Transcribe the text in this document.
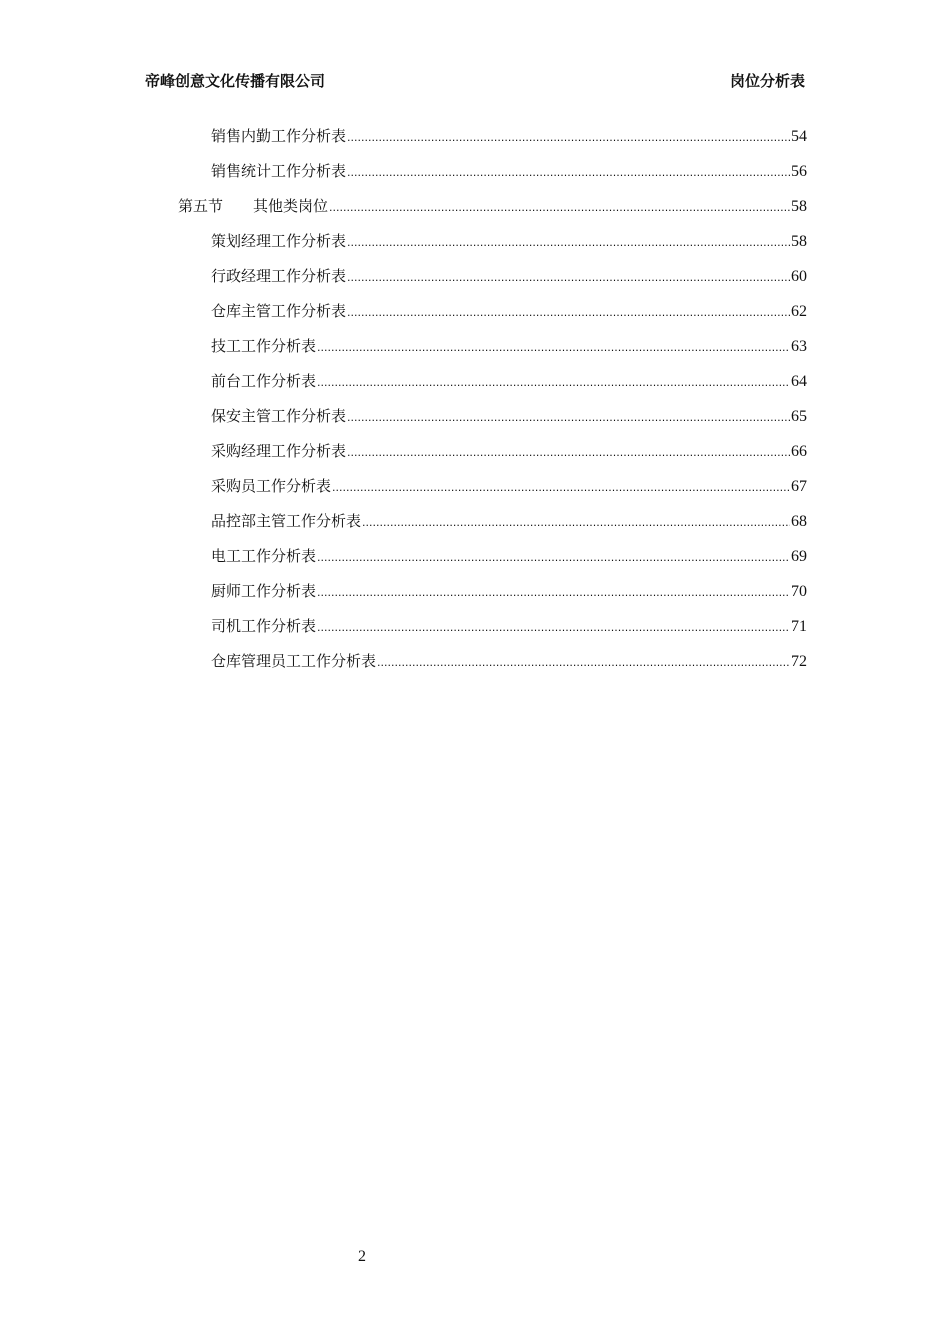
帝峰创意文化传播有限公司	岗位分析表
销售内勤工作分析表 .....	54
销售统计工作分析表 .....	56
第五节 其他类岗位 .....	58
策划经理工作分析表 .....	58
行政经理工作分析表 .....	60
仓库主管工作分析表 .....	62
技工工作分析表 .....	63
前台工作分析表 .....	64
保安主管工作分析表 .....	65
采购经理工作分析表 .....	66
采购员工作分析表 .....	67
品控部主管工作分析表 .....	68
电工工作分析表 .....	69
厨师工作分析表 .....	70
司机工作分析表 .....	71
仓库管理员工工作分析表 .....	72
2
